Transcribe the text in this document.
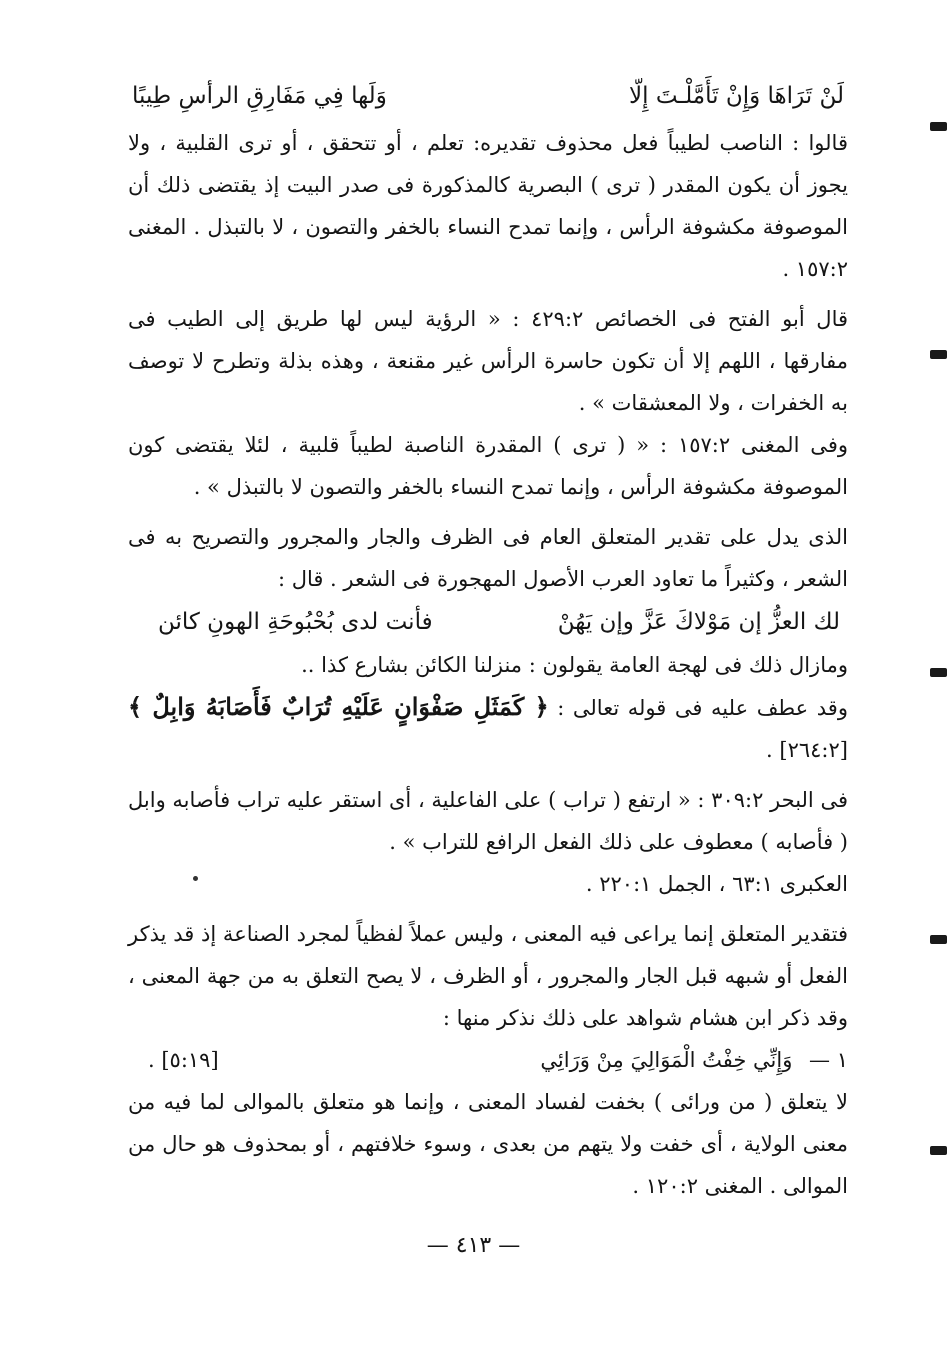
لَنْ تَرَاهَا وَإِنْ تَأَمَّلْـتَ إِلّا
وَلَها فِي مَفَارِقِ الرأسِ طِيبًا

قالوا : الناصب لطيباً فعل محذوف تقديره: تعلم ، أو تتحقق ، أو ترى القلبية ، ولا يجوز أن يكون المقدر ( ترى ) البصرية كالمذكورة فى صدر البيت إذ يقتضى ذلك أن الموصوفة مكشوفة الرأس ، وإنما تمدح النساء بالخفر والتصون ، لا بالتبذل . المغنى ١٥٧:٢ .

قال أبو الفتح فى الخصائص ٤٢٩:٢ : « الرؤية ليس لها طريق إلى الطيب فى مفارقها ، اللهم إلا أن تكون حاسرة الرأس غير مقنعة ، وهذه بذلة وتطرح لا توصف به الخفرات ، ولا المعشقات » .

وفى المغنى ١٥٧:٢ : « ( ترى ) المقدرة الناصبة لطيباً قلبية ، لئلا يقتضى كون الموصوفة مكشوفة الرأس ، وإنما تمدح النساء بالخفر والتصون لا بالتبذل » .

الذى يدل على تقدير المتعلق العام فى الظرف والجار والمجرور والتصريح به فى الشعر ، وكثيراً ما تعاود العرب الأصول المهجورة فى الشعر . قال :

لك العزُّ إن مَوْلاكَ عَزَّ وإن يَهُنْ
فأنت لدى بُحْبُوحَةِ الهونِ كائن

ومازال ذلك فى لهجة العامة يقولون : منزلنا الكائن بشارع كذا ..

وقد عطف عليه فى قوله تعالى : ﴿ كَمَثَلِ صَفْوَانٍ عَلَيْهِ تُرَابٌ فَأَصَابَهُ وَابِلٌ ﴾ [٢٦٤:٢] .

فى البحر ٣٠٩:٢ : « ارتفع ( تراب ) على الفاعلية ، أى استقر عليه تراب فأصابه وابل ( فأصابه ) معطوف على ذلك الفعل الرافع للتراب » .

العكبرى ٦٣:١ ، الجمل ٢٢٠:١ .

فتقدير المتعلق إنما يراعى فيه المعنى ، وليس عملاً لفظياً لمجرد الصناعة إذ قد يذكر الفعل أو شبهه قبل الجار والمجرور ، أو الظرف ، لا يصح التعلق به من جهة المعنى ، وقد ذكر ابن هشام شواهد على ذلك نذكر منها :

١ — وَإِنِّي خِفْتُ الْمَوَالِيَ مِنْ وَرَائِي
[٥:١٩] .

لا يتعلق ( من ورائى ) بخفت لفساد المعنى ، وإنما هو متعلق بالموالى لما فيه من معنى الولاية ، أى خفت ولا يتهم من بعدى ، وسوء خلافتهم ، أو بمحذوف هو حال من الموالى . المغنى ١٢٠:٢ .

— ٤١٣ —
